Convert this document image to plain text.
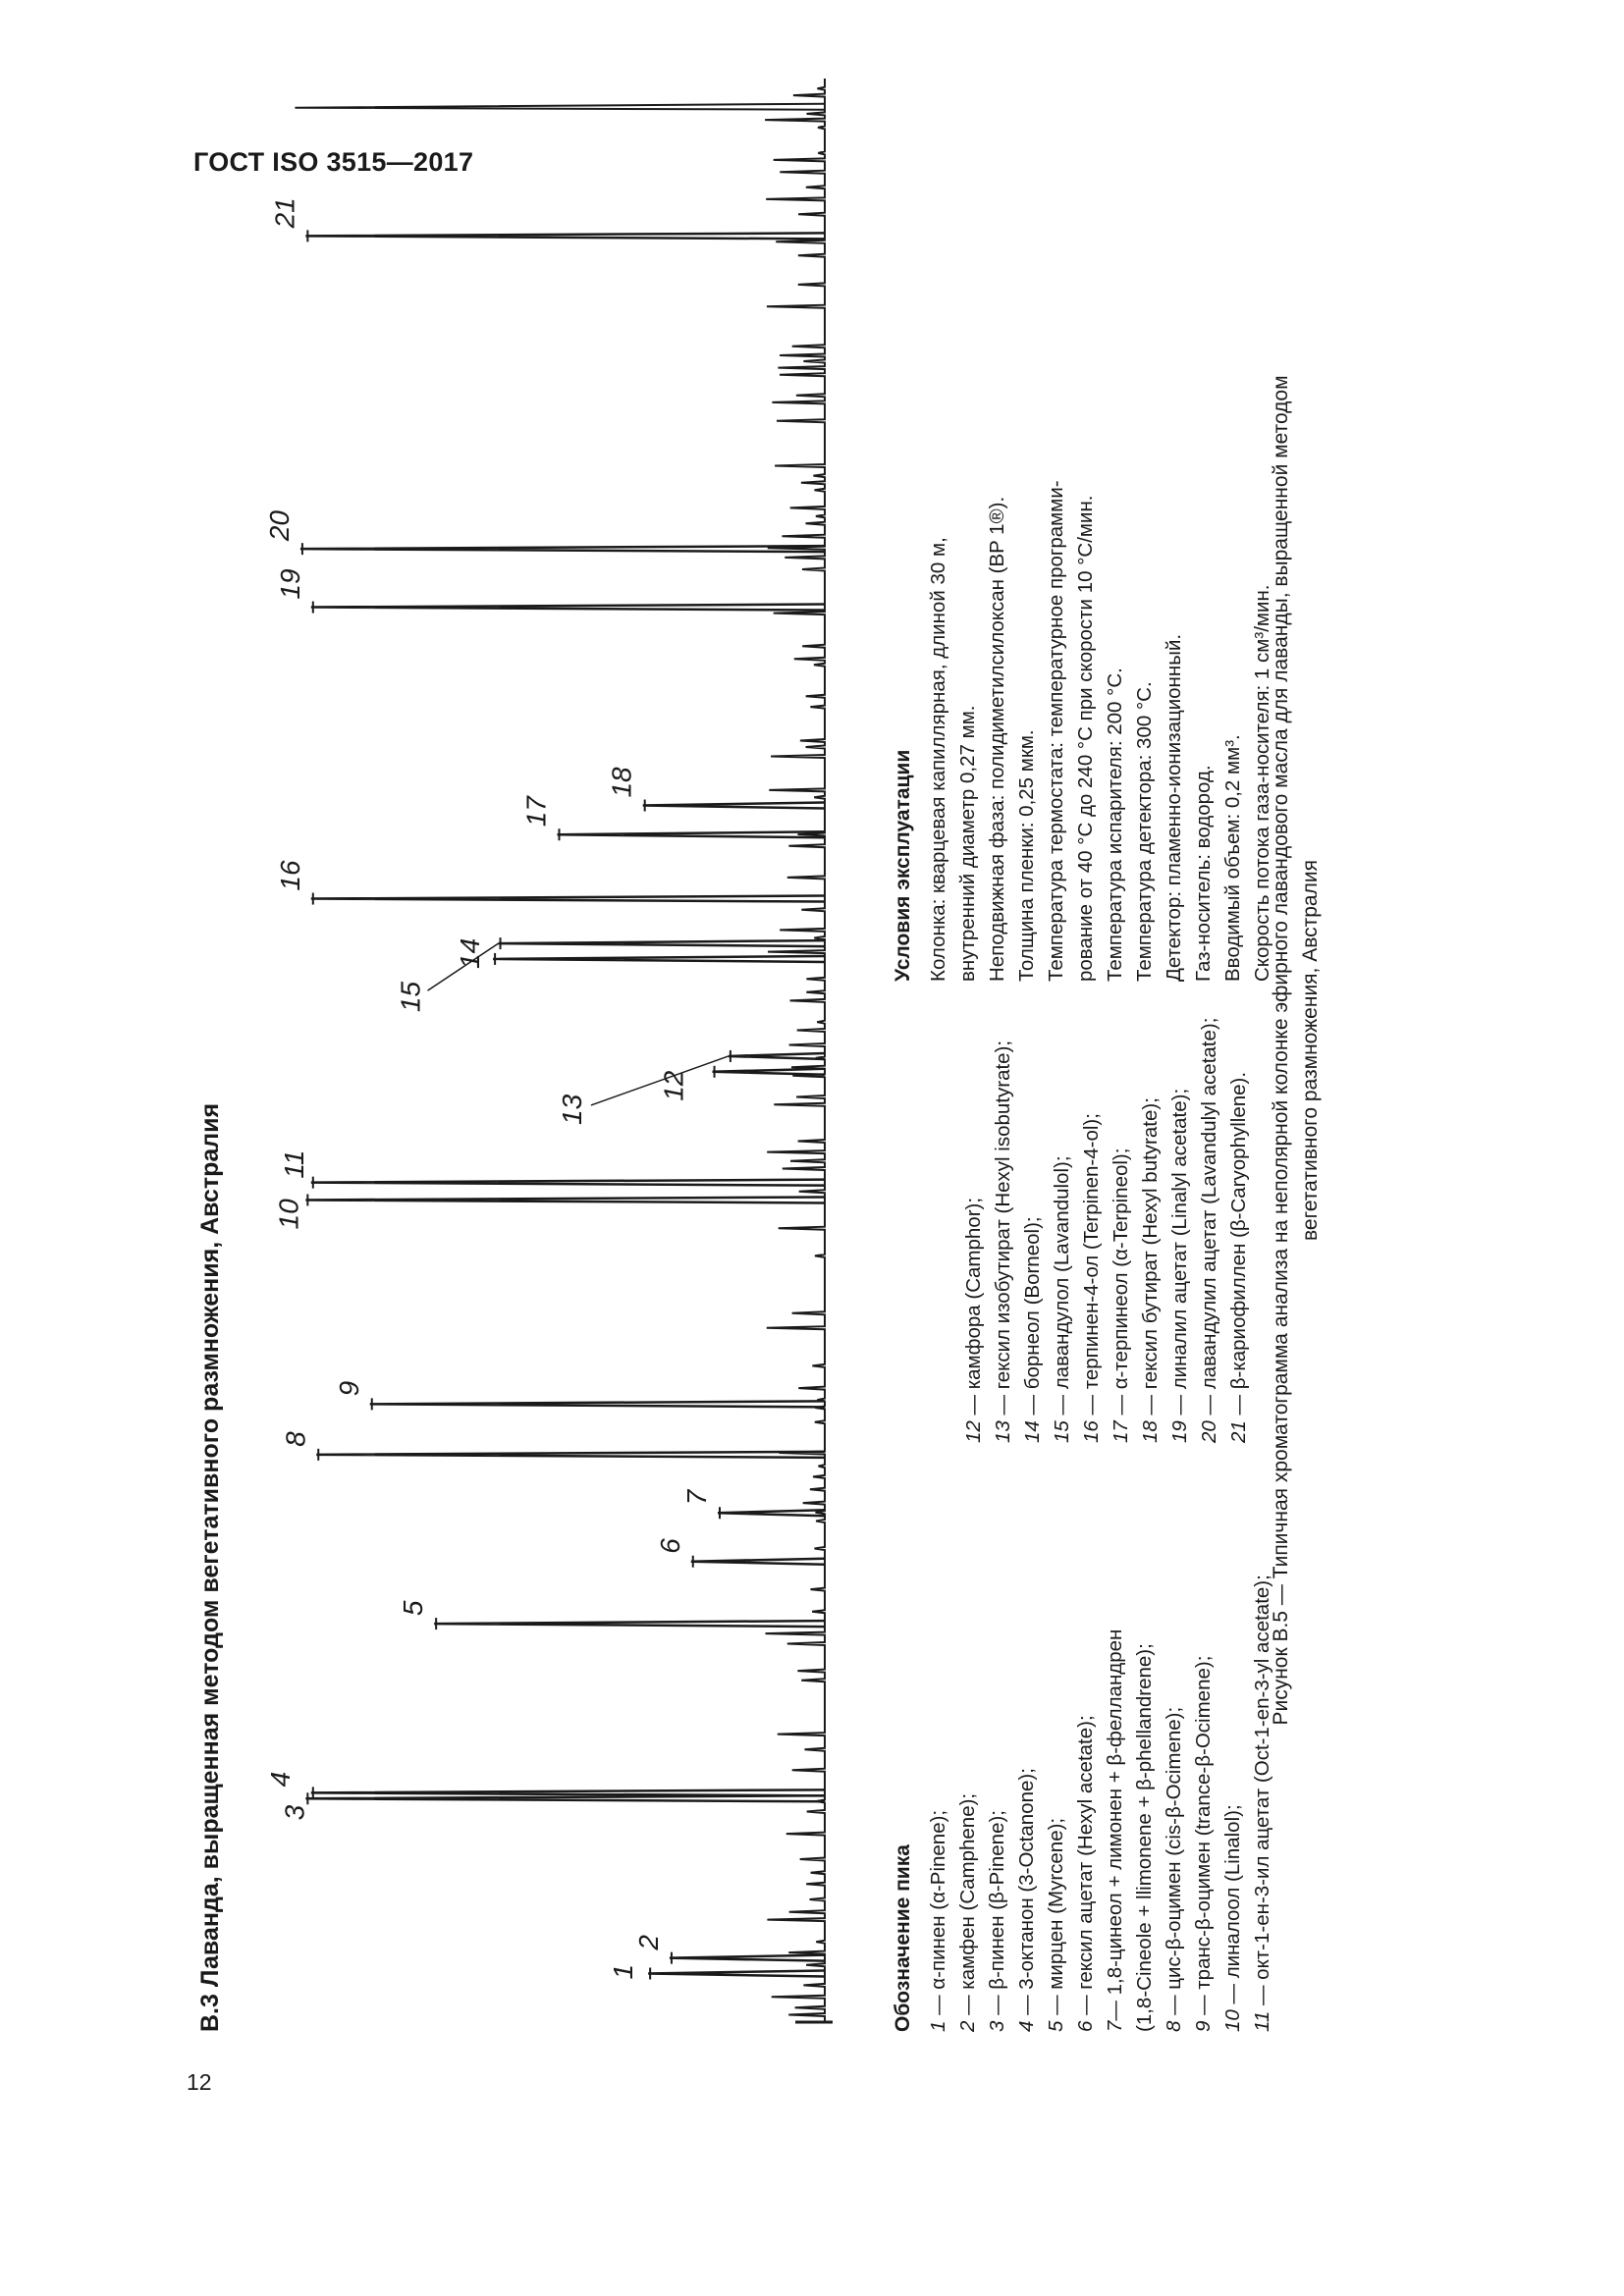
ГОСТ ISO 3515—2017
B.3 Лаванда, выращенная методом вегетативного размножения, Австралия	1
2
3
4
5
6
7
8
9
10
11
12
13
14
15
16
17
18
19
20
21
Обозначение пика 1 — α-пинен (α-Pinene);
2 — камфен (Camphene);
3 — β-пинен (β-Pinene);
4 — 3-октанон (3-Octanone);
5 — мирцен (Myrcene);
6 — гексил ацетат (Hexyl acetate);
7— 1,8-цинеол + лимонен + β-фелландрен (1,8-Cineole + llimonene + β-phellandrene); 8 — цис-β-оцимен (cis-β-Ocimene);
9 — транс-β-оцимен (trance-β-Ocimene); 10 — линалоол (Linalol);
11 — окт-1-ен-3-ил ацетат (Oct-1-en-3-yl acetate);
12 — камфора (Camphor);
13 — гексил изобутират (Hexyl isobutyrate);
14 — борнеол (Borneol);
15 — лавандулол (Lavandulol);
16 — терпинен-4-ол (Terpinen-4-ol);
17 — α-терпинеол (α-Terpineol);
18 — гексил бутират (Hexyl butyrate);
19 — линалил ацетат (Linalyl acetate);
20 — лавандулил ацетат (Lavandulyl acetate);
21 — β-кариофиллен (β-Caryophyllene).
Условия эксплуатации Колонка: кварцевая капиллярная, длиной 30 м, внутренний диаметр 0,27 мм. Неподвижная фаза: полидиметилсилоксан (BP 1®). Толщина пленки: 0,25 мкм. Температура термостата: температурное программи- рование от 40 °С до 240 °С при скорости 10 °С/мин. Температура испарителя: 200 °С. Температура детектора: 300 °С. Детектор: пламенно-ионизационный. Газ-носитель: водород. Вводимый объем: 0,2 мм³. Скорость потока газа-носителя: 1 см³/мин.
Рисунок B.5 — Типичная хроматограмма анализа на неполярной колонке эфирного лавандового масла для лаванды, выращенной методом вегетативного размножения, Австралия
12
